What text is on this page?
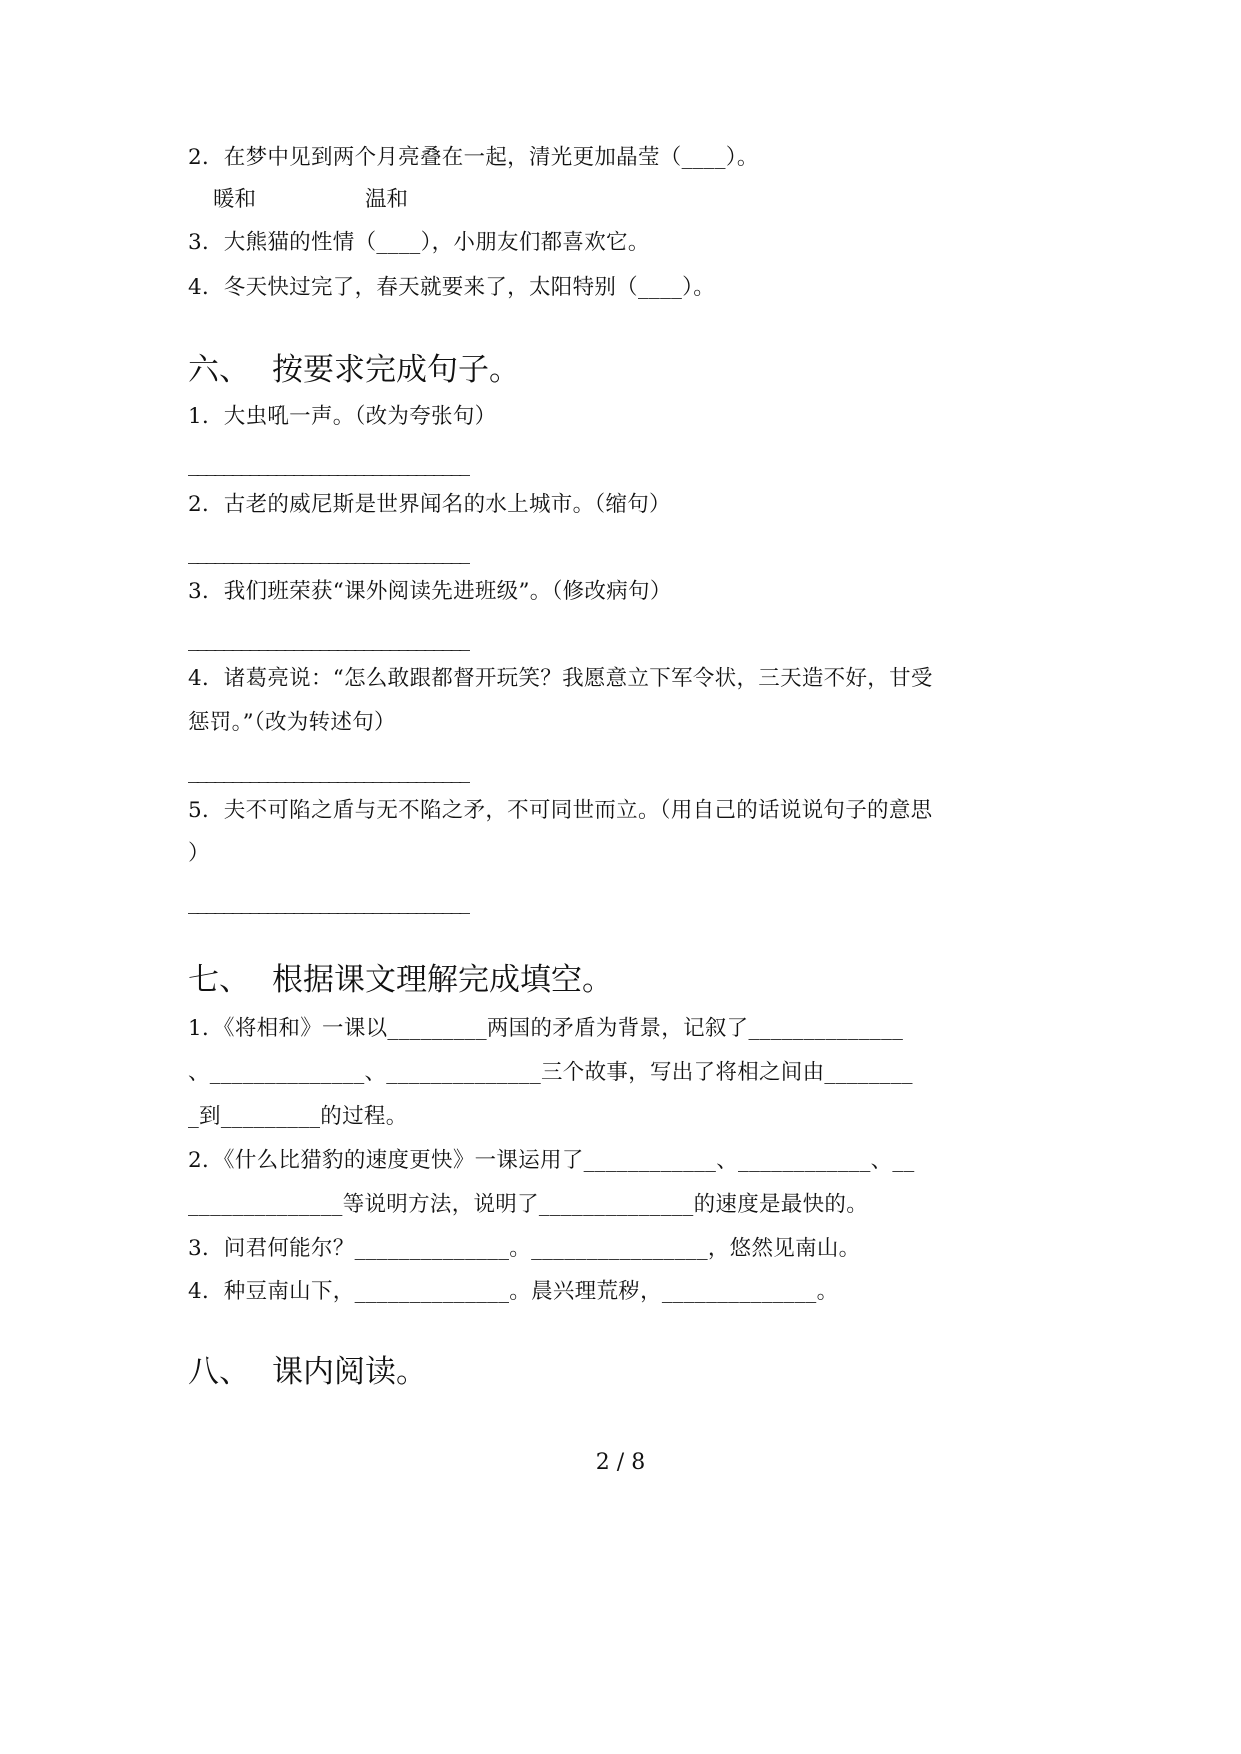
2．在梦中见到两个月亮叠在一起，清光更加晶莹（____）。
暖和	温和
3．大熊猫的性情（____），小朋友们都喜欢它。
4．冬天快过完了，春天就要来了，太阳特别（____）。
六、 按要求完成句子。
1．大虫吼一声。（改为夸张句）
________________________________
2．古老的威尼斯是世界闻名的水上城市。（缩句）
________________________________
3．我们班荣获“课外阅读先进班级”。（修改病句）
________________________________
4．诸葛亮说：“怎么敢跟都督开玩笑？我愿意立下军令状，三天造不好，甘受
惩罚。”（改为转述句）
________________________________
5．夫不可陷之盾与无不陷之矛，不可同世而立。（用自己的话说说句子的意思
）
________________________________
七、 根据课文理解完成填空。
1．《将相和》一课以_________两国的矛盾为背景，记叙了______________
、______________、______________三个故事，写出了将相之间由________
_到_________的过程。
2．《什么比猎豹的速度更快》一课运用了____________、____________、__
______________等说明方法，说明了______________的速度是最快的。
3．问君何能尔？______________。________________，悠然见南山。
4．种豆南山下，______________。晨兴理荒秽，______________。
八、 课内阅读。
2 / 8
